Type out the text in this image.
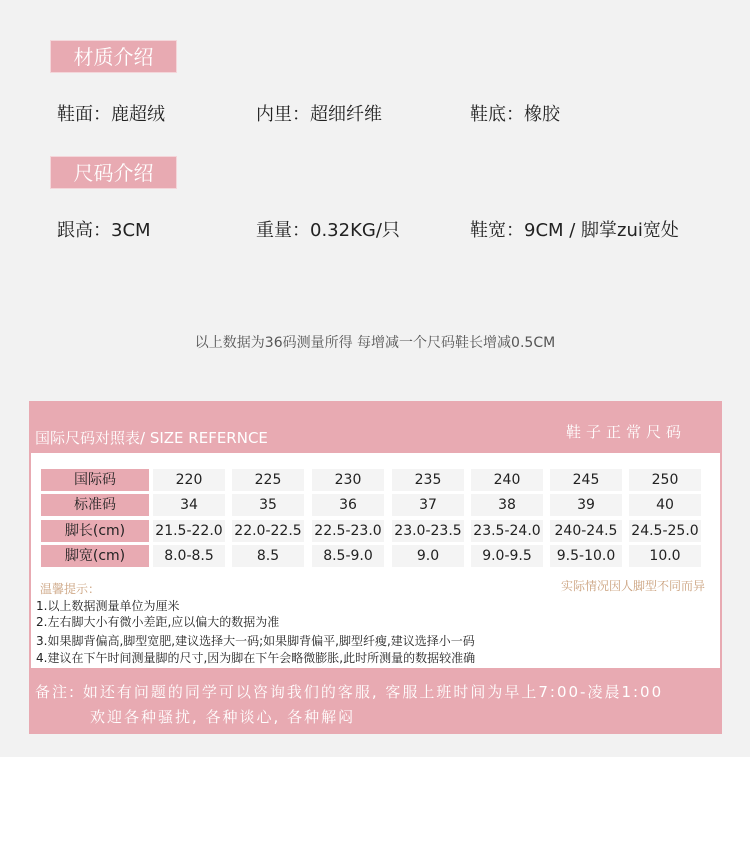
材质介绍
鞋面：鹿超绒	内里：超细纤维	鞋底：橡胶
尺码介绍
跟高：3CM	重量：0.32KG/只	鞋宽：9CM / 脚掌zui宽处
以上数据为36码测量所得 每增减一个尺码鞋长增减0.5CM
国际尺码对照表/ SIZE REFERNCE	鞋子正常尺码
国际码	220	225	230	235	240	245	250
标准码	34	35	36	37	38	39	40
脚长(cm)	21.5-22.0 22.0-22.5 22.5-23.0 23.0-23.5 23.5-24.0 240-24.5 24.5-25.0
脚宽(cm)	8.0-8.5	8.5	8.5-9.0	9.0	9.0-9.5	9.5-10.0	10.0
温馨提示：	实际情况因人脚型不同而异
1.以上数据测量单位为厘米
2.左右脚大小有微小差距,应以偏大的数据为准
3.如果脚背偏高,脚型宽肥,建议选择大一码;如果脚背偏平,脚型纤瘦,建议选择小一码
4.建议在下午时间测量脚的尺寸,因为脚在下午会略微膨胀,此时所测量的数据较准确
备注: 如还有问题的同学可以咨询我们的客服, 客服上班时间为早上7:00-凌晨1:00
欢迎各种骚扰, 各种谈心, 各种解闷
